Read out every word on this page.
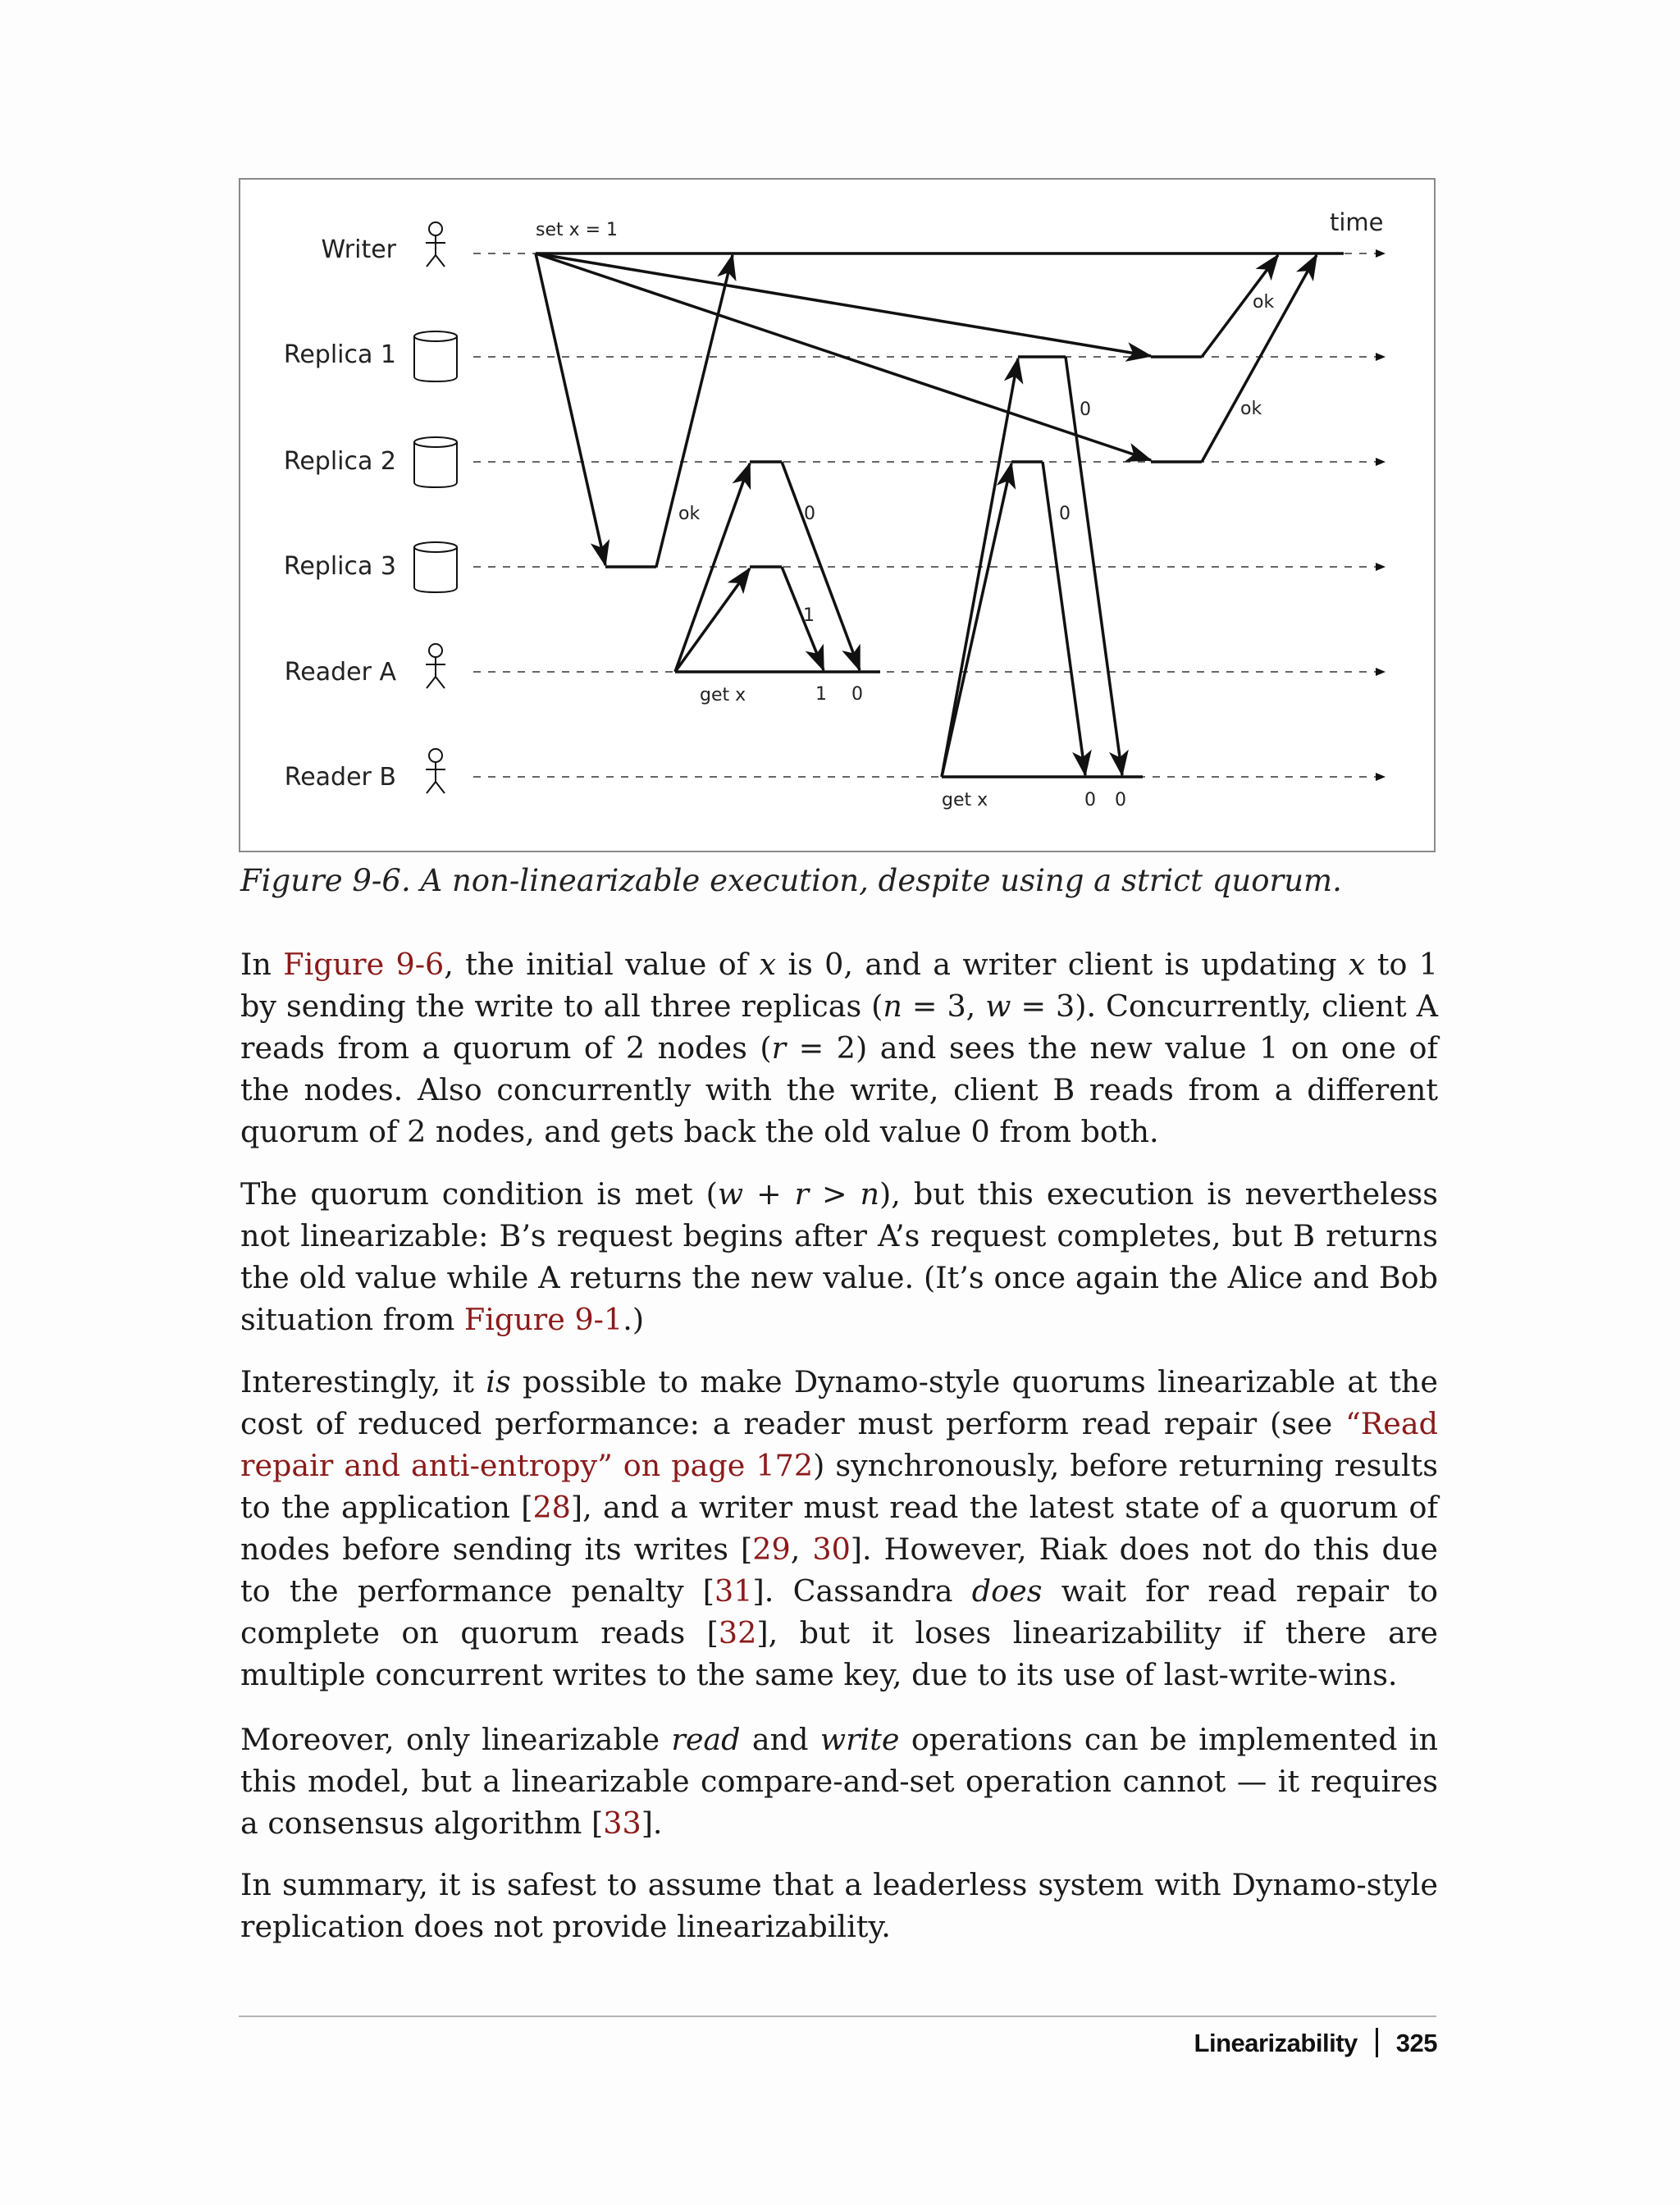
Writer
Replica 1
Replica 2
Replica 3
Reader A
Reader B
time
set x = 1
get x
get x
ok
ok
ok
0
1
1 0
0
0
0 0
Figure 9-6. A non-linearizable execution, despite using a strict quorum.

In Figure 9-6, the initial value of x is 0, and a writer client is updating x to 1 by sending the write to all three replicas (n = 3, w = 3). Concurrently, client A reads from a quorum of 2 nodes (r = 2) and sees the new value 1 on one of the nodes. Also concurrently with the write, client B reads from a different quorum of 2 nodes, and gets back the old value 0 from both.

The quorum condition is met (w + r > n), but this execution is nevertheless not linearizable: B’s request begins after A’s request completes, but B returns the old value while A returns the new value. (It’s once again the Alice and Bob situation from Figure 9-1.)

Interestingly, it is possible to make Dynamo-style quorums linearizable at the cost of reduced performance: a reader must perform read repair (see “Read repair and anti-entropy” on page 172) synchronously, before returning results to the application [28], and a writer must read the latest state of a quorum of nodes before sending its writes [29, 30]. However, Riak does not do this due to the performance penalty [31]. Cassandra does wait for read repair to complete on quorum reads [32], but it loses linearizability if there are multiple concurrent writes to the same key, due to its use of last-write-wins.

Moreover, only linearizable read and write operations can be implemented in this model, but a linearizable compare-and-set operation cannot — it requires a consensus algorithm [33].

In summary, it is safest to assume that a leaderless system with Dynamo-style replication does not provide linearizability.

Linearizability 325
